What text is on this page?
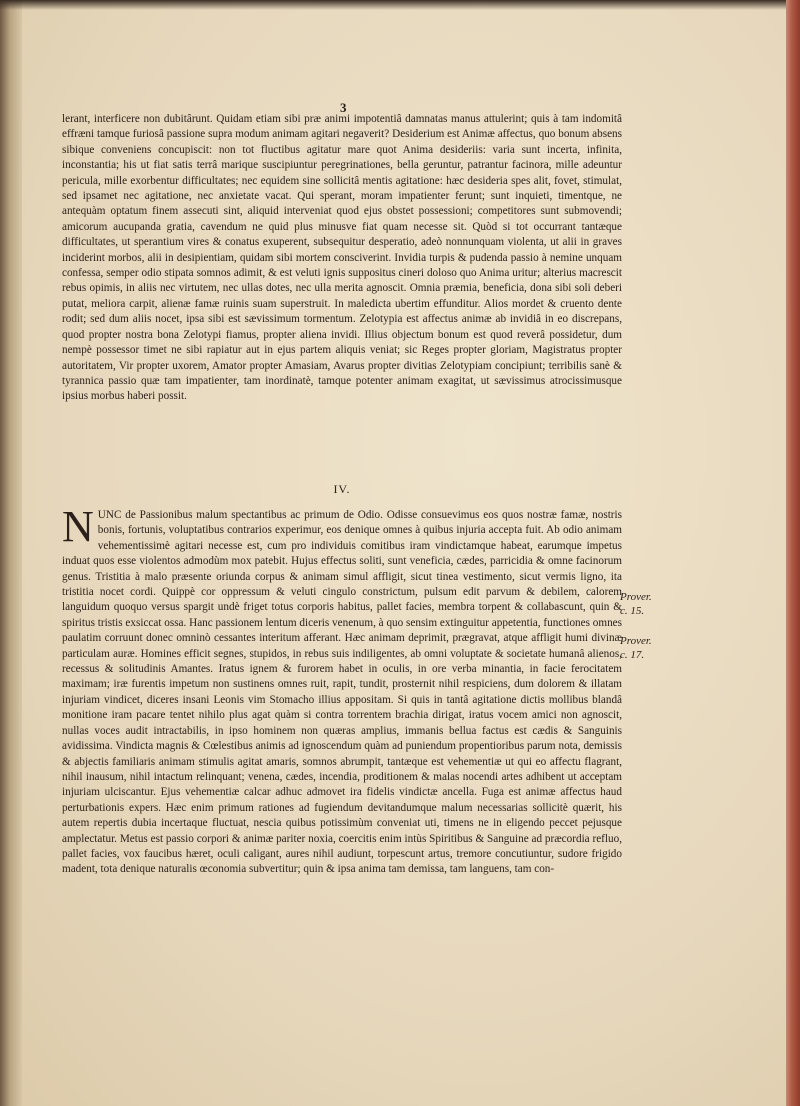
3

lerant, interficere non dubitârunt. Quidam etiam sibi præ animi impotentiâ damnatas manus attulerint; quis à tam indomitâ effræni tamque furiosâ passione supra modum animam agitari negaverit? Desiderium est Animæ affectus, quo bonum absens sibique conveniens concupiscit: non tot fluctibus agitatur mare quot Anima desideriis: varia sunt incerta, infinita, inconstantia; his ut fiat satis terrâ marique suscipiuntur peregrinationes, bella geruntur, patrantur facinora, mille adeuntur pericula, mille exorbentur difficultates; nec equidem sine sollicitâ mentis agitatione: hæc desideria spes alit, fovet, stimulat, sed ipsamet nec agitatione, nec anxietate vacat. Qui sperant, moram impatienter ferunt; sunt inquieti, timentque, ne antequàm optatum finem assecuti sint, aliquid interveniat quod ejus obstet possessioni; competitores sunt submovendi; amicorum aucupanda gratia, cavendum ne quid plus minusve fiat quam necesse sit. Quòd si tot occurrant tantæque difficultates, ut sperantium vires & conatus exuperent, subsequitur desperatio, adeò nonnunquam violenta, ut alii in graves inciderint morbos, alii in desipientiam, quidam sibi mortem consciverint. Invidia turpis & pudenda passio à nemine unquam confessa, semper odio stipata somnos adimit, & est veluti ignis suppositus cineri doloso quo Anima uritur; alterius macrescit rebus opimis, in aliis nec virtutem, nec ullas dotes, nec ulla merita agnoscit. Omnia præmia, beneficia, dona sibi soli deberi putat, meliora carpit, alienæ famæ ruinis suam superstruit. In maledicta ubertim effunditur. Alios mordet & cruento dente rodit; sed dum aliis nocet, ipsa sibi est sævissimum tormentum. Zelotypia est affectus animæ ab invidiâ in eo discrepans, quod propter nostra bona Zelotypi fiamus, propter aliena invidi. Illius objectum bonum est quod reverâ possidetur, dum nempè possessor timet ne sibi rapiatur aut in ejus partem aliquis veniat; sic Reges propter gloriam, Magistratus propter autoritatem, Vir propter uxorem, Amator propter Amasiam, Avarus propter divitias Zelotypiam concipiunt; terribilis sanè & tyrannica passio quæ tam impatienter, tam inordinatè, tamque potenter animam exagitat, ut sævissimus atrocissimusque ipsius morbus haberi possit.

IV.

N UNC de Passionibus malum spectantibus ac primum de Odio. Odisse consuevimus eos quos nostræ famæ, nostris bonis, fortunis, voluptatibus contrarios experimur, eos denique omnes à quibus injuria accepta fuit. Ab odio animam vehementissimè agitari necesse est, cum pro individuis comitibus iram vindictamque habeat, earumque impetus induat quos esse violentos admodùm mox patebit. Hujus effectus soliti, sunt veneficia, cædes, parricidia & omne facinorum genus. Tristitia à malo præsente oriunda corpus & animam simul affligit, sicut tinea vestimento, sicut vermis ligno, ita tristitia nocet cordi. Quippè cor oppressum & veluti cingulo constrictum, pulsum edit parvum & debilem, calorem languidum quoquo versus spargit undè friget totus corporis habitus, pallet facies, membra torpent & collabascunt, quin & spiritus tristis exsiccat ossa. Hanc passionem lentum diceris venenum, à quo sensim extinguitur appetentia, functiones omnes paulatim corruunt donec omninò cessantes interitum afferant. Hæc animam deprimit, prægravat, atque affligit humi divinæ particulam auræ. Homines efficit segnes, stupidos, in rebus suis indiligentes, ab omni voluptate & societate humanâ alienos, recessus & solitudinis Amantes. Iratus ignem & furorem habet in oculis, in ore verba minantia, in facie ferocitatem maximam; iræ furentis impetum non sustinens omnes ruit, rapit, tundit, prosternit nihil respiciens, dum dolorem & illatam injuriam vindicet, diceres insani Leonis vim Stomacho illius appositam. Si quis in tantâ agitatione dictis mollibus blandâ monitione iram pacare tentet nihilo plus agat quàm si contra torrentem brachia dirigat, iratus vocem amici non agnoscit, nullas voces audit intractabilis, in ipso hominem non quæras amplius, immanis bellua factus est cædis & Sanguinis avidissima. Vindicta magnis & Cœlestibus animis ad ignoscendum quàm ad puniendum propentioribus parum nota, demissis & abjectis familiaris animam stimulis agitat amaris, somnos abrumpit, tantæque est vehementiæ ut qui eo affectu flagrant, nihil inausum, nihil intactum relinquant; venena, cædes, incendia, proditionem & malas nocendi artes adhibent ut acceptam injuriam ulciscantur. Ejus vehementiæ calcar adhuc admovet ira fidelis vindictæ ancella. Fuga est animæ affectus haud perturbationis expers. Hæc enim primum rationes ad fugiendum devitandumque malum necessarias sollicitè quærit, his autem repertis dubia incertaque fluctuat, nescia quibus potissimùm conveniat uti, timens ne in eligendo peccet pejusque amplectatur. Metus est passio corpori & animæ pariter noxia, coercitis enim intùs Spiritibus & Sanguine ad præcordia refluo, pallet facies, vox faucibus hæret, oculi caligant, aures nihil audiunt, torpescunt artus, tremore concutiuntur, sudore frigido madent, tota denique naturalis œconomia subvertitur; quin & ipsa anima tam demissa, tam languens, tam con-
Prover.
c. 15.
Prover.
c. 17.
